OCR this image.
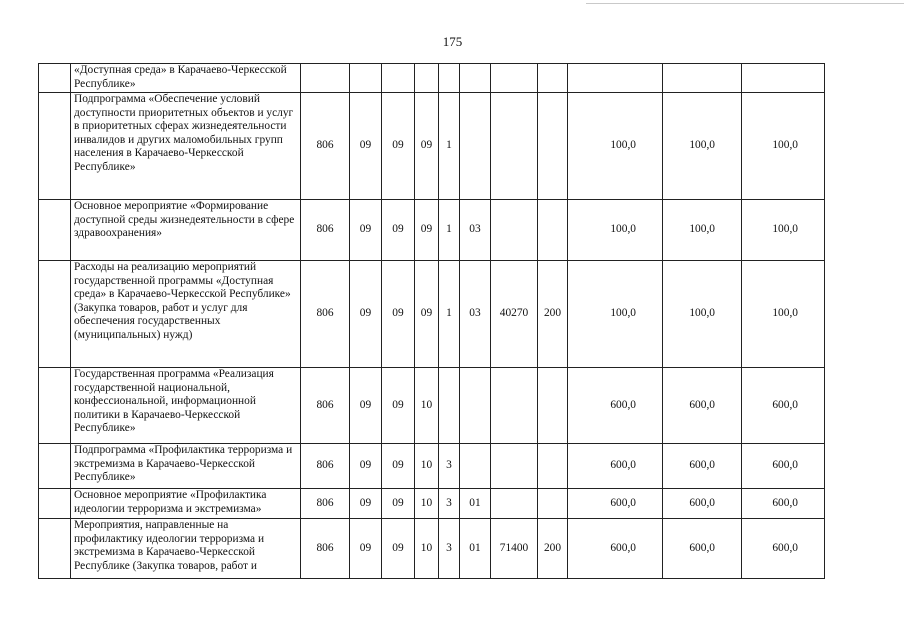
175
	«Доступная среда» в Карачаево-Черкесской Республике»											
	Подпрограмма «Обеспечение условий доступности приоритетных объектов и услуг в приоритетных сферах жизнедеятельности инвалидов и других маломобильных групп населения в Карачаево-Черкесской Республике»	806	09	09	09	1				100,0	100,0	100,0
	Основное мероприятие «Формирование доступной среды жизнедеятельности в сфере здравоохранения»	806	09	09	09	1	03			100,0	100,0	100,0
	Расходы на реализацию мероприятий государственной программы «Доступная среда» в Карачаево-Черкесской Республике» (Закупка товаров, работ и услуг для обеспечения государственных (муниципальных) нужд)	806	09	09	09	1	03	40270	200	100,0	100,0	100,0
	Государственная программа «Реализация государственной национальной, конфессиональной, информационной политики в Карачаево-Черкесской Республике»	806	09	09	10					600,0	600,0	600,0
	Подпрограмма «Профилактика терроризма и экстремизма в Карачаево-Черкесской Республике»	806	09	09	10	3				600,0	600,0	600,0
	Основное мероприятие «Профилактика идеологии терроризма и экстремизма»	806	09	09	10	3	01			600,0	600,0	600,0
	Мероприятия, направленные на профилактику идеологии терроризма и экстремизма в Карачаево-Черкесской Республике (Закупка товаров, работ и	806	09	09	10	3	01	71400	200	600,0	600,0	600,0
